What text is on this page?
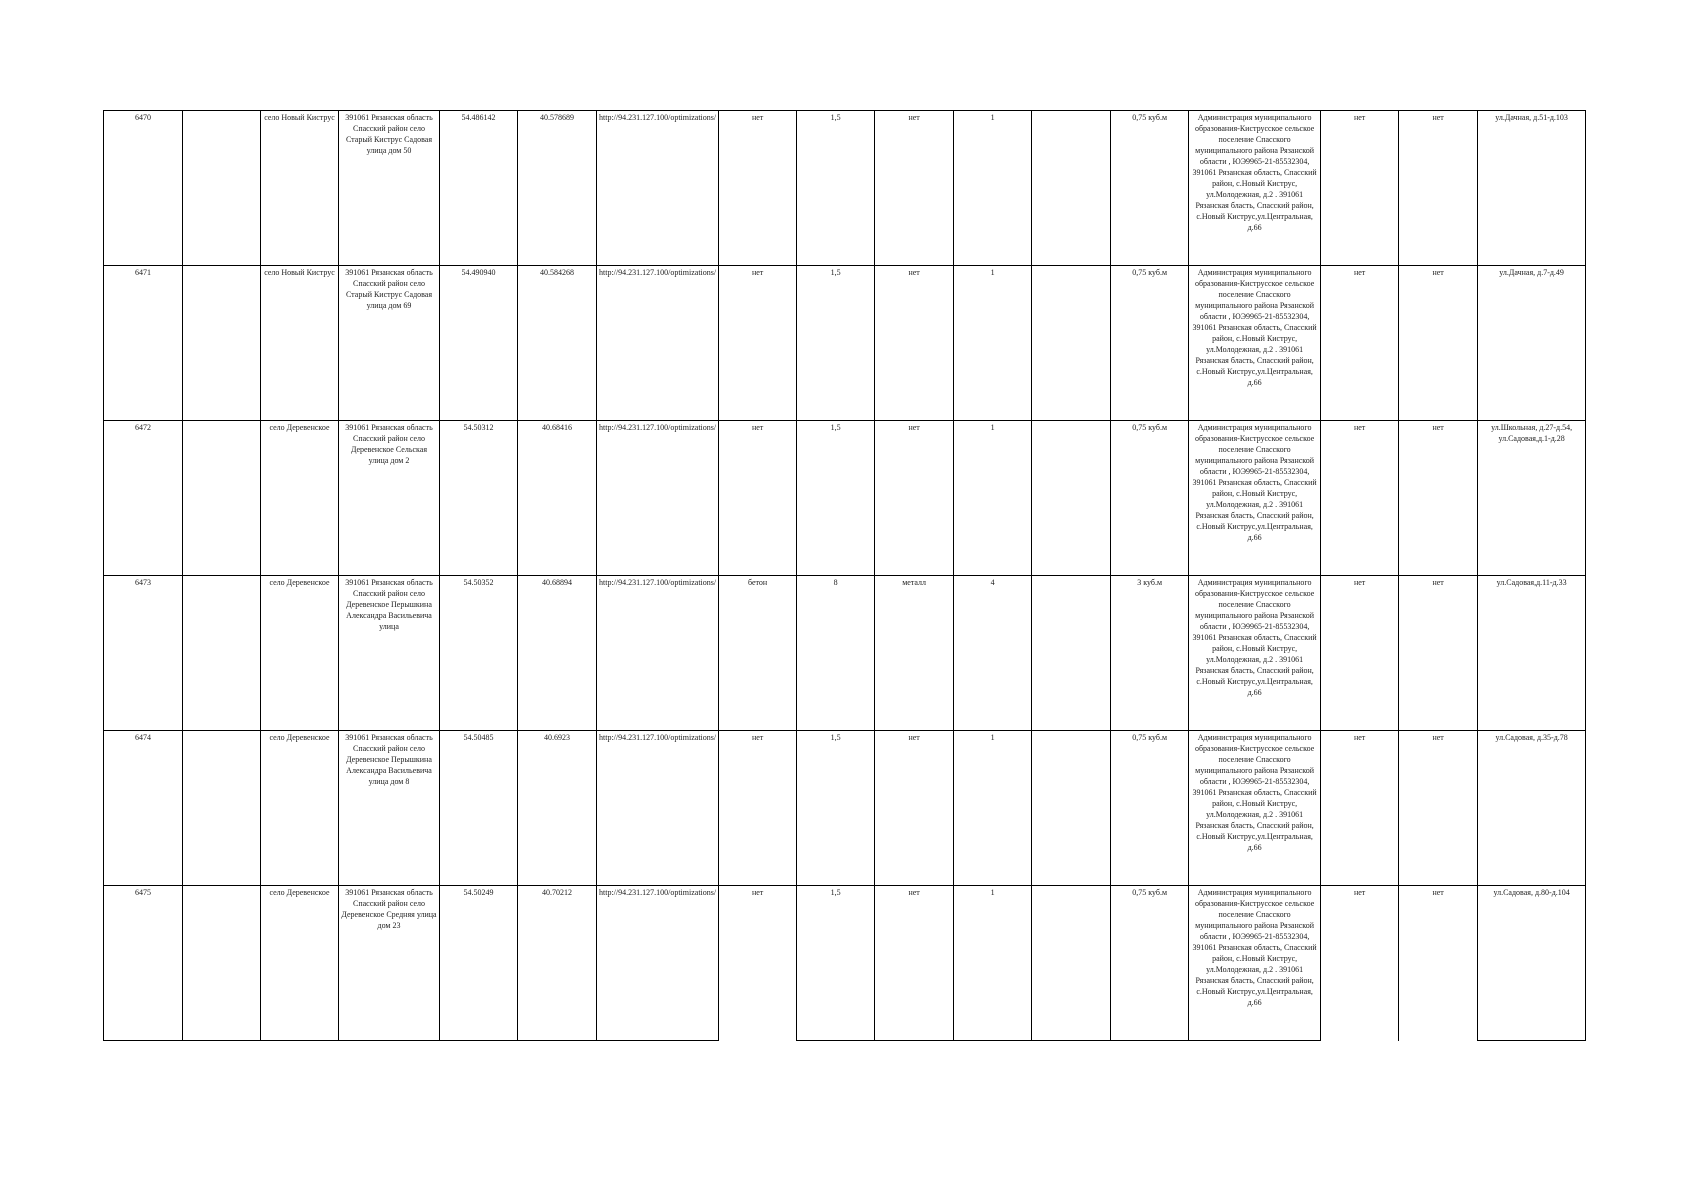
6470		село Новый Киструс	391061 Рязанская область Спасский район село Старый Киструс Садовая улица дом 50	54.486142	40.578689	http://94.231.127.100/optimizations/	нет	1,5	нет	1		0,75 куб.м	Администрация муниципального образования-Киструсское сельское поселение Спасского муниципального района Рязанской области , ЮЭ9965-21-85532304, 391061 Рязанская область, Спасский район, с.Новый Киструс, ул.Молодежная, д.2 . 391061 Рязанская бласть, Спасский район, с.Новый Киструс,ул.Центральная, д.66	нет	нет	ул.Дачная, д.51-д.103
6471		село Новый Киструс	391061 Рязанская область Спасский район село Старый Киструс Садовая улица дом 69	54.490940	40.584268	http://94.231.127.100/optimizations/	нет	1,5	нет	1		0,75 куб.м	Администрация муниципального образования-Киструсское сельское поселение Спасского муниципального района Рязанской области , ЮЭ9965-21-85532304, 391061 Рязанская область, Спасский район, с.Новый Киструс, ул.Молодежная, д.2 . 391061 Рязанская бласть, Спасский район, с.Новый Киструс,ул.Центральная, д.66	нет	нет	ул.Дачная, д.7-д.49
6472		село Деревенское	391061 Рязанская область Спасский район село Деревенское Сельская улица дом 2	54.50312	40.68416	http://94.231.127.100/optimizations/	нет	1,5	нет	1		0,75 куб.м	Администрация муниципального образования-Киструсское сельское поселение Спасского муниципального района Рязанской области , ЮЭ9965-21-85532304, 391061 Рязанская область, Спасский район, с.Новый Киструс, ул.Молодежная, д.2 . 391061 Рязанская бласть, Спасский район, с.Новый Киструс,ул.Центральная, д.66	нет	нет	ул.Школьная, д.27-д.54, ул.Садовая,д.1-д.28
6473		село Деревенское	391061 Рязанская область Спасский район село Деревенское Перышкина Александра Васильевича улица	54.50352	40.68894	http://94.231.127.100/optimizations/	бетон	8	металл	4		3 куб.м	Администрация муниципального образования-Киструсское сельское поселение Спасского муниципального района Рязанской области , ЮЭ9965-21-85532304, 391061 Рязанская область, Спасский район, с.Новый Киструс, ул.Молодежная, д.2 . 391061 Рязанская бласть, Спасский район, с.Новый Киструс,ул.Центральная, д.66	нет	нет	ул.Садовая,д.11-д.33
6474		село Деревенское	391061 Рязанская область Спасский район село Деревенское Перышкина Александра Васильевича улица дом 8	54.50485	40.6923	http://94.231.127.100/optimizations/	нет	1,5	нет	1		0,75 куб.м	Администрация муниципального образования-Киструсское сельское поселение Спасского муниципального района Рязанской области , ЮЭ9965-21-85532304, 391061 Рязанская область, Спасский район, с.Новый Киструс, ул.Молодежная, д.2 . 391061 Рязанская бласть, Спасский район, с.Новый Киструс,ул.Центральная, д.66	нет	нет	ул.Садовая, д.35-д.78
6475		село Деревенское	391061 Рязанская область Спасский район село Деревенское Средняя улица дом 23	54.50249	40.70212	http://94.231.127.100/optimizations/	нет	1,5	нет	1		0,75 куб.м	Администрация муниципального образования-Киструсское сельское поселение Спасского муниципального района Рязанской области , ЮЭ9965-21-85532304, 391061 Рязанская область, Спасский район, с.Новый Киструс, ул.Молодежная, д.2 . 391061 Рязанская бласть, Спасский район, с.Новый Киструс,ул.Центральная, д.66	нет	нет	ул.Садовая, д.80-д.104
